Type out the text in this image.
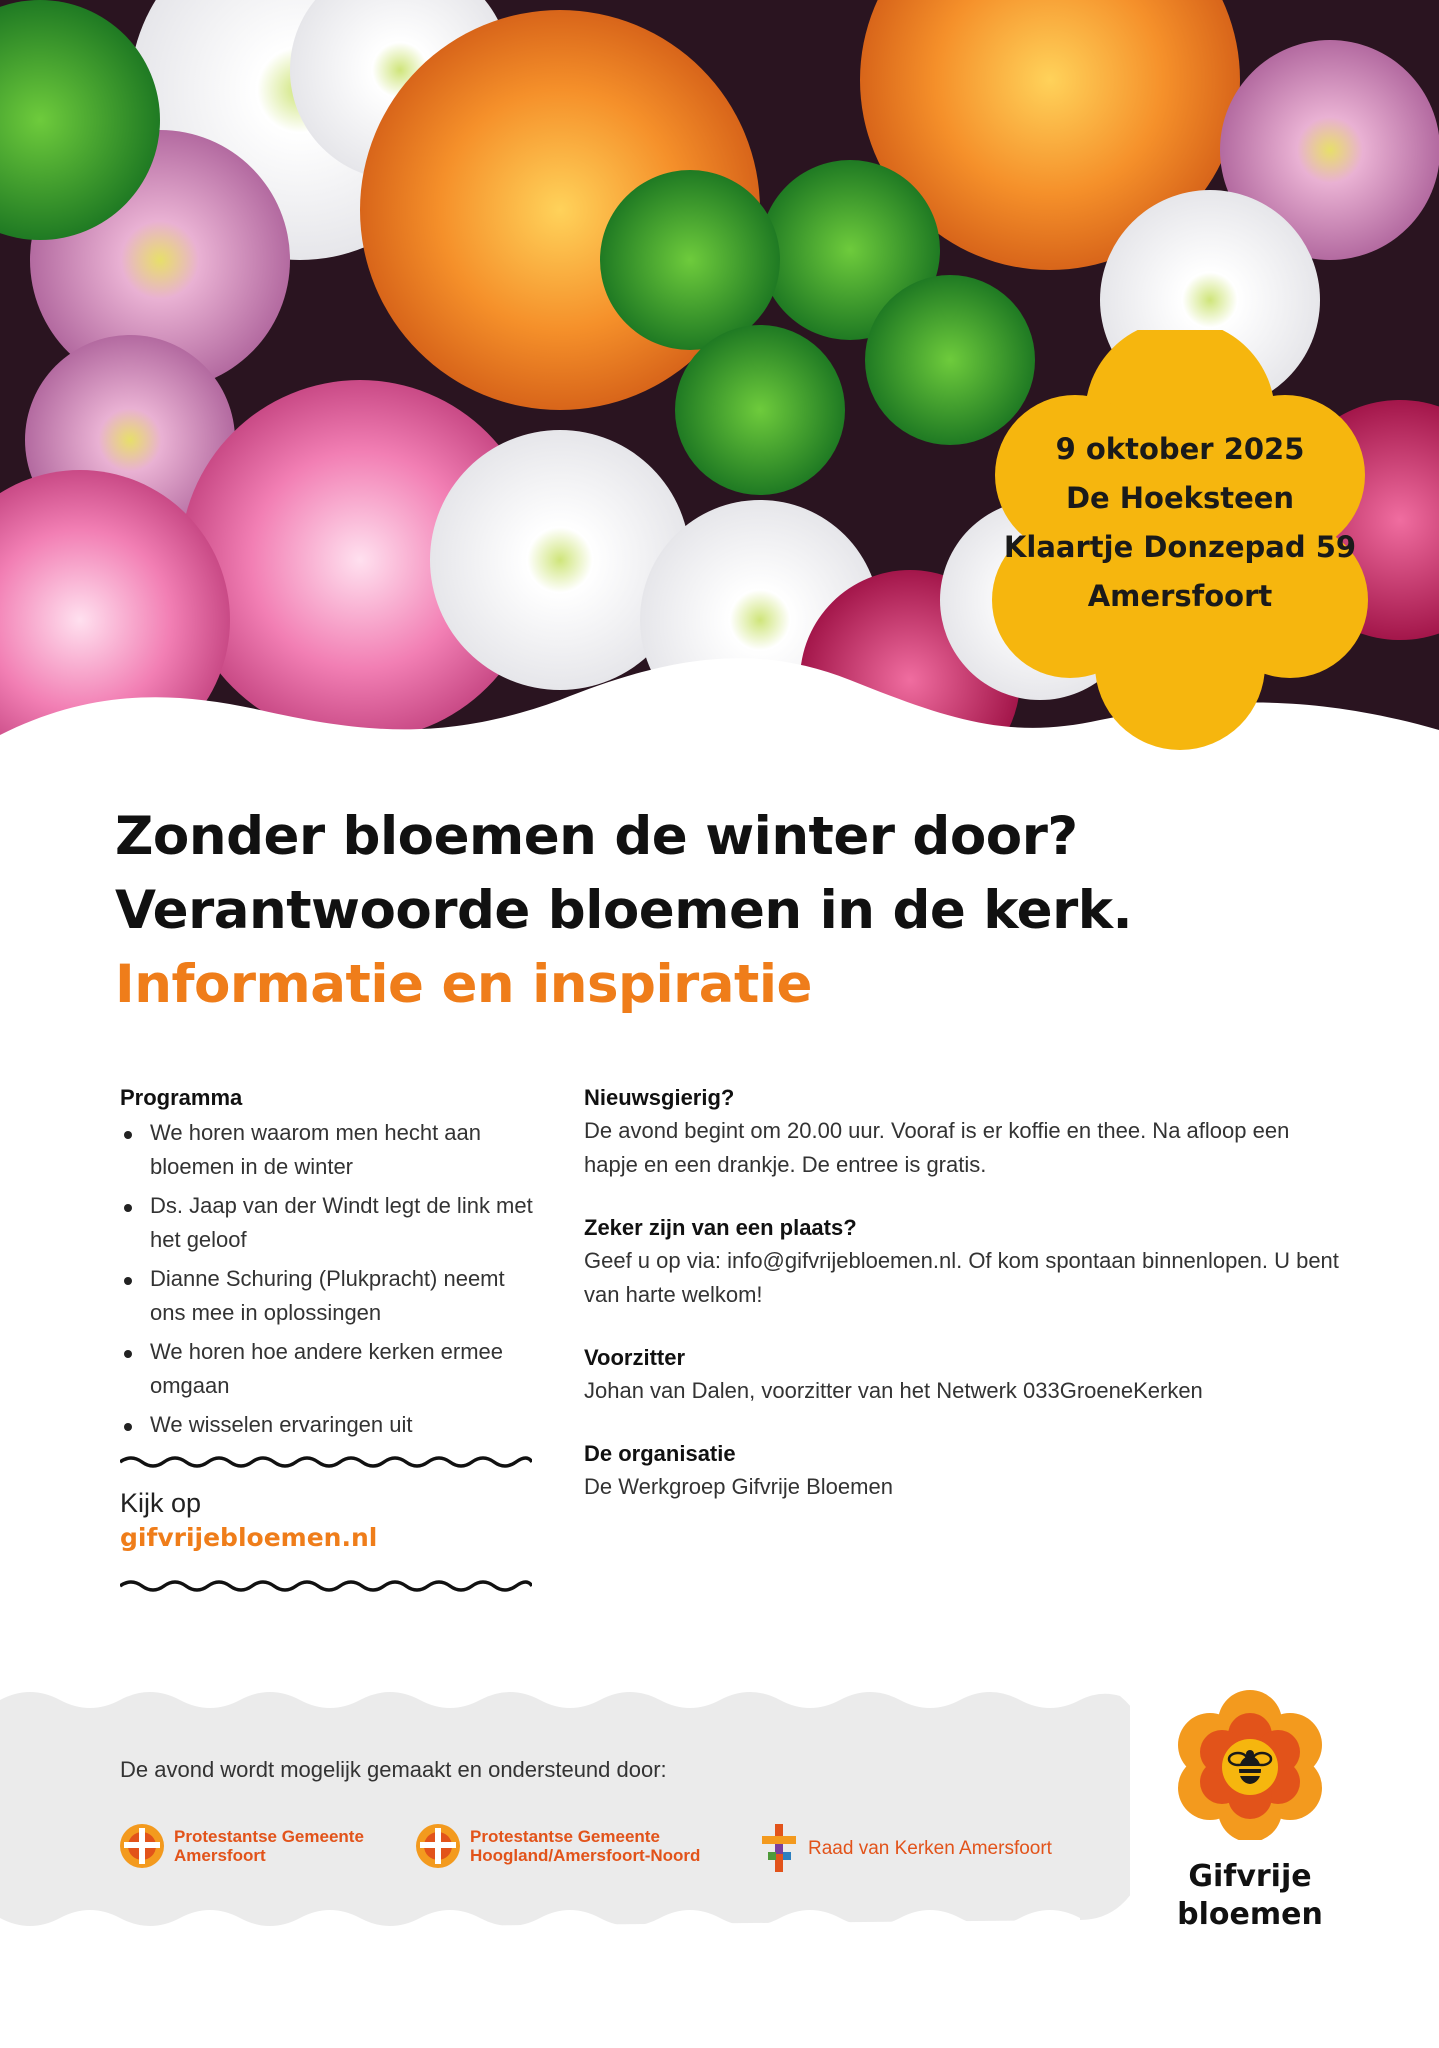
9 oktober 2025
De Hoeksteen
Klaartje Donzepad 59
Amersfoort
Zonder bloemen de winter door?
Verantwoorde bloemen in de kerk.
Informatie en inspiratie
Programma
We horen waarom men hecht aan bloemen in de winter
Ds. Jaap van der Windt legt de link met het geloof
Dianne Schuring (Plukpracht) neemt ons mee in oplossingen
We horen hoe andere kerken ermee omgaan
We wisselen ervaringen uit
Kijk op
gifvrijebloemen.nl
Nieuwsgierig?
De avond begint om 20.00 uur. Vooraf is er koffie en thee. Na afloop een hapje en een drankje. De entree is gratis.
Zeker zijn van een plaats?
Geef u op via: info@gifvrijebloemen.nl. Of kom spontaan binnenlopen. U bent van harte welkom!
Voorzitter
Johan van Dalen, voorzitter van het Netwerk 033GroeneKerken
De organisatie
De Werkgroep Gifvrije Bloemen
De avond wordt mogelijk gemaakt en ondersteund door:
Protestantse Gemeente
Amersfoort
Protestantse Gemeente
Hoogland/Amersfoort-Noord	Raad van Kerken Amersfoort
Gifvrije
bloemen
